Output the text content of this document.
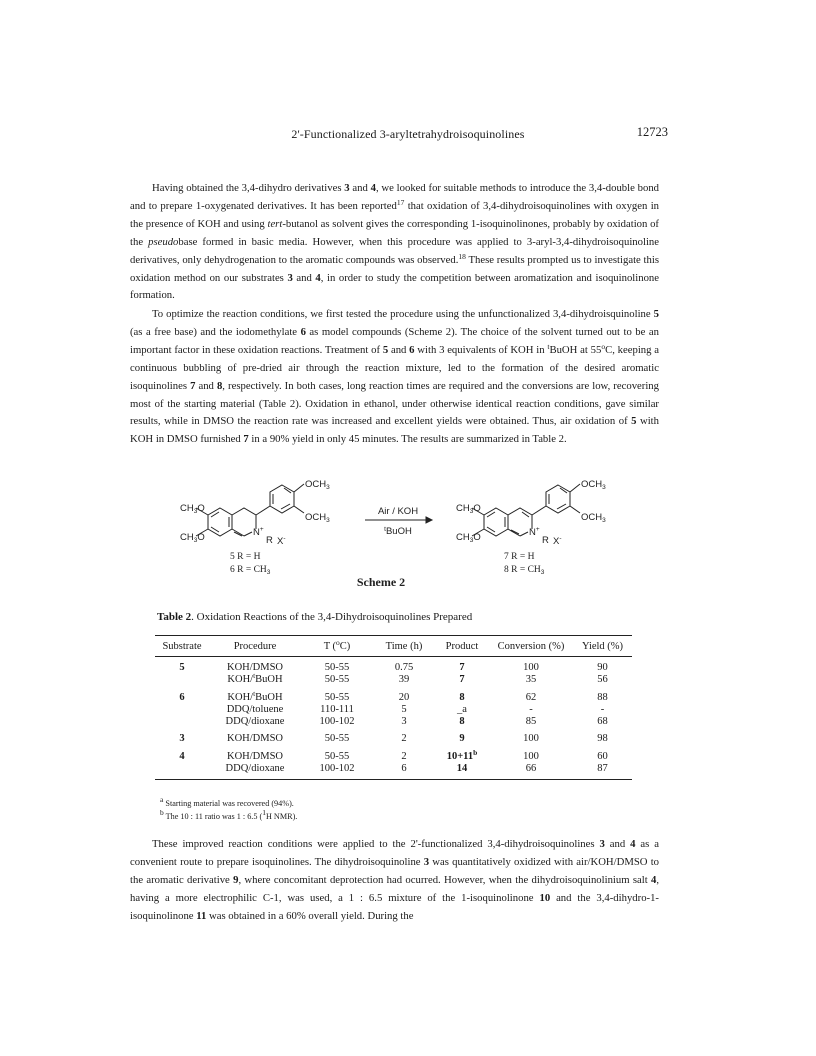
2'-Functionalized 3-aryltetrahydroisoquinolines	12723

Having obtained the 3,4-dihydro derivatives 3 and 4, we looked for suitable methods to introduce the 3,4-double bond and to prepare 1-oxygenated derivatives. It has been reported$^{17}$ that oxidation of 3,4-dihydroisoquinolines with oxygen in the presence of KOH and using tert-butanol as solvent gives the corresponding 1-isoquinolinones, probably by oxidation of the pseudobase formed in basic media. However, when this procedure was applied to 3-aryl-3,4-dihydroisoquinoline derivatives, only dehydrogenation to the aromatic compounds was observed.$^{18}$ These results prompted us to investigate this oxidation method on our substrates 3 and 4, in order to study the competition between aromatization and isoquinolinone formation.

To optimize the reaction conditions, we first tested the procedure using the unfunctionalized 3,4-dihydroisquinoline 5 (as a free base) and the iodomethylate 6 as model compounds (Scheme 2). The choice of the solvent turned out to be an important factor in these oxidation reactions. Treatment of 5 and 6 with 3 equivalents of KOH in $^t$BuOH at 55$^o$C, keeping a continuous bubbling of pre-dried air through the reaction mixture, led to the formation of the desired aromatic isoquinolines 7 and 8, respectively. In both cases, long reaction times are required and the conversions are low, recovering most of the starting material (Table 2). Oxidation in ethanol, under otherwise identical reaction conditions, gave similar results, while in DMSO the reaction rate was increased and excellent yields were obtained. Thus, air oxidation of 5 with KOH in DMSO furnished 7 in a 90% yield in only 45 minutes. The results are summarized in Table 2.

$OCH_3$
$OCH_3$
$CH_3O$
$CH_3O$	N+
R X-
Air / KOH
$^t$BuOH
$OCH_3$
$OCH_3$
$CH_3O$
$CH_3O$	N+
R X-
5 R = H
6 $R = CH_3$
7 R = H
8 $R = CH_3$
Scheme 2
Table 2. Oxidation Reactions of the 3,4-Dihydroisoquinolines Prepared
Substrate	Procedure	T ($^o$C)	Time (h)	Product	Conversion (%)	Yield (%)
5	KOH/DMSO	50-55	0.75	7	100	90
	KOH/$^t$BuOH	50-55	39	7	35	56
6	KOH/$^t$BuOH	50-55	20	8	62	88
	DDQ/toluene	110-111	5	_a	-	-
	DDQ/dioxane	100-102	3	8	85	68
3	KOH/DMSO	50-55	2	9	100	98
4	KOH/DMSO	50-55	2	$10+11^b$	100	60
	DDQ/dioxane	100-102	6	14	66	87
$^a$ Starting material was recovered (94%).
$^b$ The 10 : 11 ratio was 1 : 6.5 ($^1$H NMR).

These improved reaction conditions were applied to the 2'-functionalized 3,4-dihydroisoquinolines 3 and 4 as a convenient route to prepare isoquinolines. The dihydroisoquinoline 3 was quantitatively oxidized with air/KOH/DMSO to the aromatic derivative 9, where concomitant deprotection had ocurred. However, when the dihydroisoquinolinium salt 4, having a more electrophilic C-1, was used, a 1 : 6.5 mixture of the 1-isoquinolinone 10 and the 3,4-dihydro-1-isoquinolinone 11 was obtained in a 60% overall yield. During the
